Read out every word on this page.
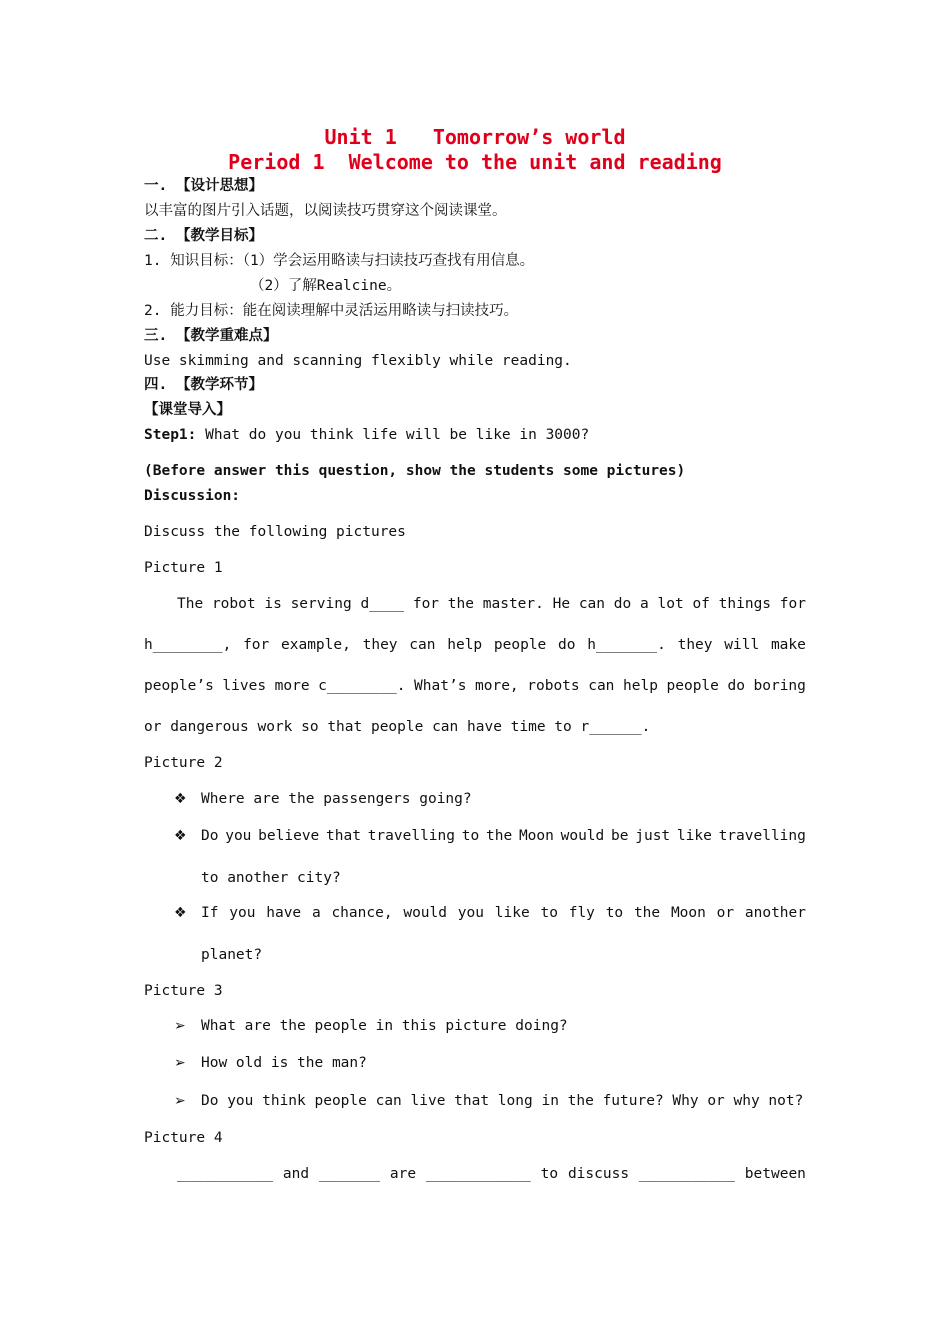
Unit 1   Tomorrow’s world
Period 1  Welcome to the unit and reading
一. 【设计思想】
以丰富的图片引入话题，以阅读技巧贯穿这个阅读课堂。
二. 【教学目标】
1. 知识目标：（1）学会运用略读与扫读技巧查找有用信息。
（2）了解Realcine。
2. 能力目标：能在阅读理解中灵活运用略读与扫读技巧。
三. 【教学重难点】
Use skimming and scanning flexibly while reading.
四. 【教学环节】
【课堂导入】
Step1: What do you think life will be like in 3000?
(Before answer this question, show the students some pictures)
Discussion:
Discuss the following pictures
Picture 1
The robot is serving d____ for the master. He can do a lot of things for
h________, for example, they can help people do h_______. they will make
people’s lives more c________. What’s more, robots can help people do boring
or dangerous work so that people can have time to r______.
Picture 2
❖ Where are the passengers going?
❖ Do you believe that travelling to the Moon would be just like travelling
to another city?
❖ If you have a chance, would you like to fly to the Moon or another
planet?
Picture 3
➢ What are the people in this picture doing?
➢ How old is the man?
➢ Do you think people can live that long in the future? Why or why not?
Picture 4
___________ and _______ are ____________ to discuss ___________ between
